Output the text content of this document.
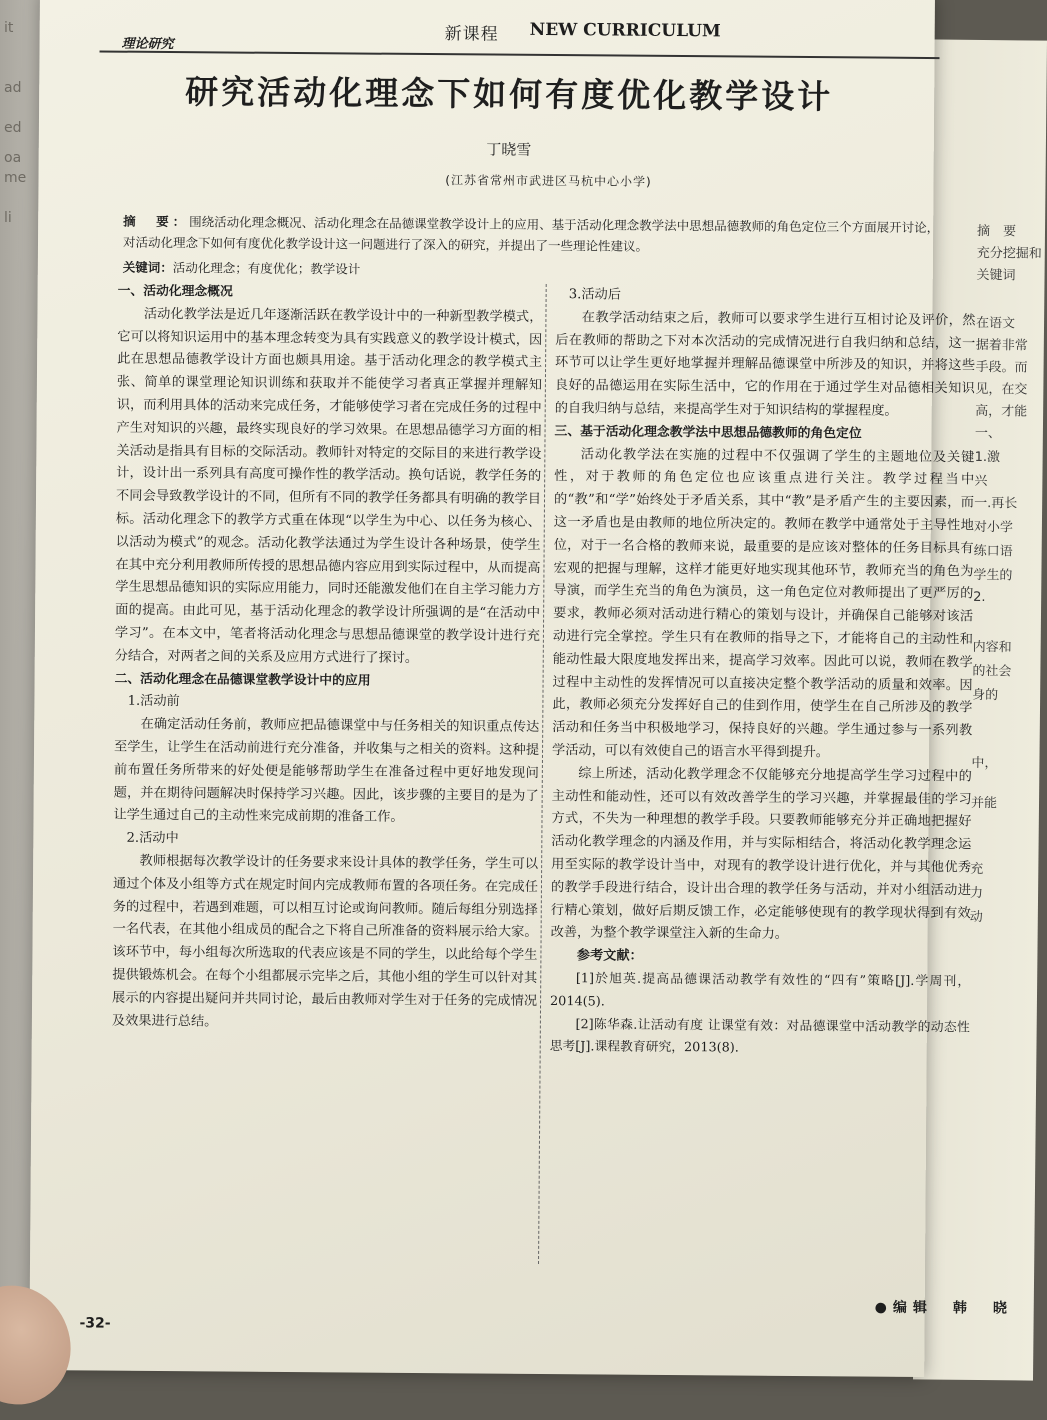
it
ad
ed
oa
me
li
摘　要
充分挖掘和
关键词
在语文
据着非常
手段。而
见，在交
高，才能
一、
1.激
兴
一.再长
对小学
练口语
学生的
2.
内容和
的社会
身的
中，
并能
充
力
动
理论研究	新课程 NEW CURRICULUM
研究活动化理念下如何有度优化教学设计
丁晓雪
(江苏省常州市武进区马杭中心小学)

摘　要：围绕活动化理念概况、活动化理念在品德课堂教学设计上的应用、基于活动化理念教学法中思想品德教师的角色定位三个方面展开讨论，对活动化理念下如何有度优化教学设计这一问题进行了深入的研究，并提出了一些理论性建议。

关键词：活动化理念；有度优化；教学设计

一、活动化理念概况

活动化教学法是近几年逐渐活跃在教学设计中的一种新型教学模式，它可以将知识运用中的基本理念转变为具有实践意义的教学设计模式，因此在思想品德教学设计方面也颇具用途。基于活动化理念的教学模式主张、简单的课堂理论知识训练和获取并不能使学习者真正掌握并理解知识，而利用具体的活动来完成任务，才能够使学习者在完成任务的过程中产生对知识的兴趣，最终实现良好的学习效果。在思想品德学习方面的相关活动是指具有目标的交际活动。教师针对特定的交际目的来进行教学设计，设计出一系列具有高度可操作性的教学活动。换句话说，教学任务的不同会导致教学设计的不同，但所有不同的教学任务都具有明确的教学目标。活动化理念下的教学方式重在体现“以学生为中心、以任务为核心、以活动为模式”的观念。活动化教学法通过为学生设计各种场景，使学生在其中充分利用教师所传授的思想品德内容应用到实际过程中，从而提高学生思想品德知识的实际应用能力，同时还能激发他们在自主学习能力方面的提高。由此可见，基于活动化理念的教学设计所强调的是“在活动中学习”。在本文中，笔者将活动化理念与思想品德课堂的教学设计进行充分结合，对两者之间的关系及应用方式进行了探讨。

二、活动化理念在品德课堂教学设计中的应用

1.活动前

在确定活动任务前，教师应把品德课堂中与任务相关的知识重点传达至学生，让学生在活动前进行充分准备，并收集与之相关的资料。这种提前布置任务所带来的好处便是能够帮助学生在准备过程中更好地发现问题，并在期待问题解决时保持学习兴趣。因此，该步骤的主要目的是为了让学生通过自己的主动性来完成前期的准备工作。

2.活动中

教师根据每次教学设计的任务要求来设计具体的教学任务，学生可以通过个体及小组等方式在规定时间内完成教师布置的各项任务。在完成任务的过程中，若遇到难题，可以相互讨论或询问教师。随后每组分别选择一名代表，在其他小组成员的配合之下将自己所准备的资料展示给大家。该环节中，每小组每次所选取的代表应该是不同的学生，以此给每个学生提供锻炼机会。在每个小组都展示完毕之后，其他小组的学生可以针对其展示的内容提出疑问并共同讨论，最后由教师对学生对于任务的完成情况及效果进行总结。

3.活动后

在教学活动结束之后，教师可以要求学生进行互相讨论及评价，然后在教师的帮助之下对本次活动的完成情况进行自我归纳和总结，这一环节可以让学生更好地掌握并理解品德课堂中所涉及的知识，并将这些良好的品德运用在实际生活中，它的作用在于通过学生对品德相关知识的自我归纳与总结，来提高学生对于知识结构的掌握程度。

三、基于活动化理念教学法中思想品德教师的角色定位

活动化教学法在实施的过程中不仅强调了学生的主题地位及关键性，对于教师的角色定位也应该重点进行关注。教学过程当中的“教”和“学”始终处于矛盾关系，其中“教”是矛盾产生的主要因素，而这一矛盾也是由教师的地位所决定的。教师在教学中通常处于主导性地位，对于一名合格的教师来说，最重要的是应该对整体的任务目标具有宏观的把握与理解，这样才能更好地实现其他环节，教师充当的角色为导演，而学生充当的角色为演员，这一角色定位对教师提出了更严厉的要求，教师必须对活动进行精心的策划与设计，并确保自己能够对该活动进行完全掌控。学生只有在教师的指导之下，才能将自己的主动性和能动性最大限度地发挥出来，提高学习效率。因此可以说，教师在教学过程中主动性的发挥情况可以直接决定整个教学活动的质量和效率。因此，教师必须充分发挥好自己的佳到作用，使学生在自己所涉及的教学活动和任务当中积极地学习，保持良好的兴趣。学生通过参与一系列教学活动，可以有效使自己的语言水平得到提升。

综上所述，活动化教学理念不仅能够充分地提高学生学习过程中的主动性和能动性，还可以有效改善学生的学习兴趣，并掌握最佳的学习方式，不失为一种理想的教学手段。只要教师能够充分并正确地把握好活动化教学理念的内涵及作用，并与实际相结合，将活动化教学理念运用至实际的教学设计当中，对现有的教学设计进行优化，并与其他优秀的教学手段进行结合，设计出合理的教学任务与活动，并对小组活动进行精心策划，做好后期反馈工作，必定能够使现有的教学现状得到有效改善，为整个教学课堂注入新的生命力。

参考文献：

[1]於旭英.提高品德课活动教学有效性的“四有”策略[J].学周刊，2014(5).

[2]陈华森.让活动有度 让课堂有效：对品德课堂中活动教学的动态性思考[J].课程教育研究，2013(8).

-32-
●编辑　韩　晓
